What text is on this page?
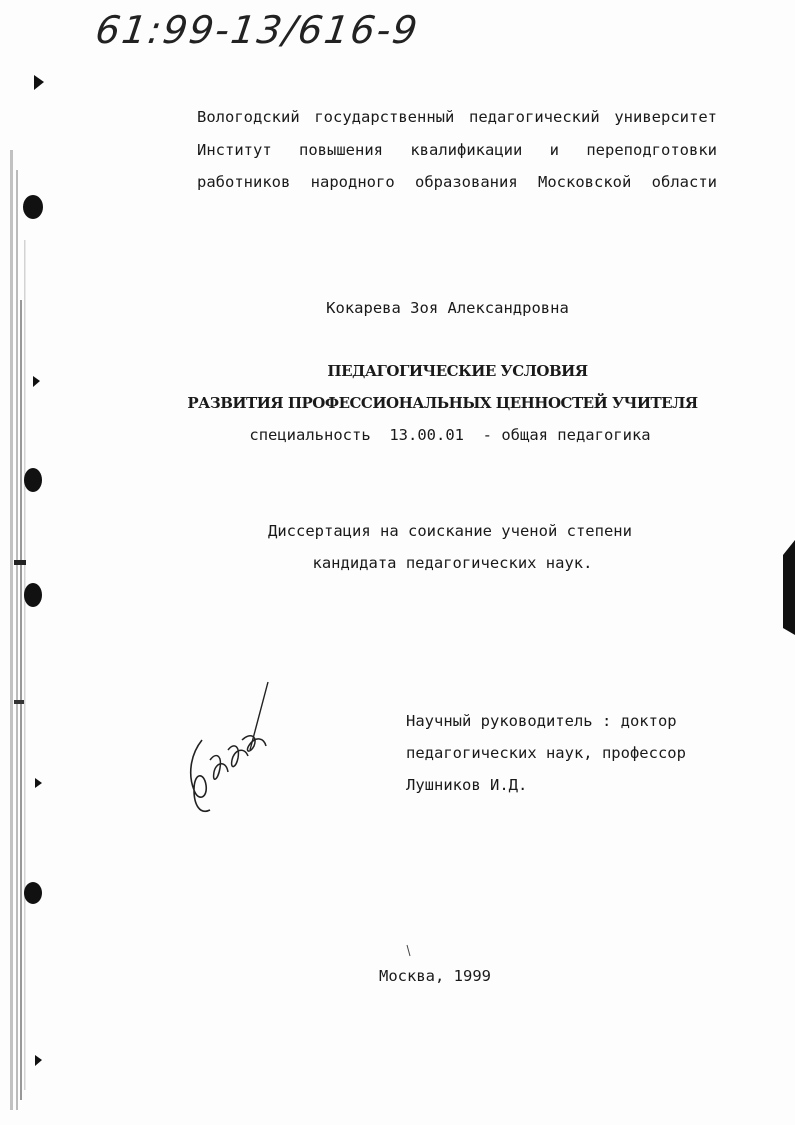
61:99-13/616-9
Вологодский государственный педагогический университет
Институт повышения квалификации и переподготовки
работников народного образования Московской области
Кокарева Зоя Александровна
ПЕДАГОГИЧЕСКИЕ УСЛОВИЯ
РАЗВИТИЯ ПРОФЕССИОНАЛЬНЫХ ЦЕННОСТЕЙ УЧИТЕЛЯ
специальность  13.00.01  - общая педагогика
Диссертация на соискание ученой степени
кандидата педагогических наук.
Научный руководитель : доктор
педагогических наук, профессор
Лушников И.Д.
Москва, 1999
